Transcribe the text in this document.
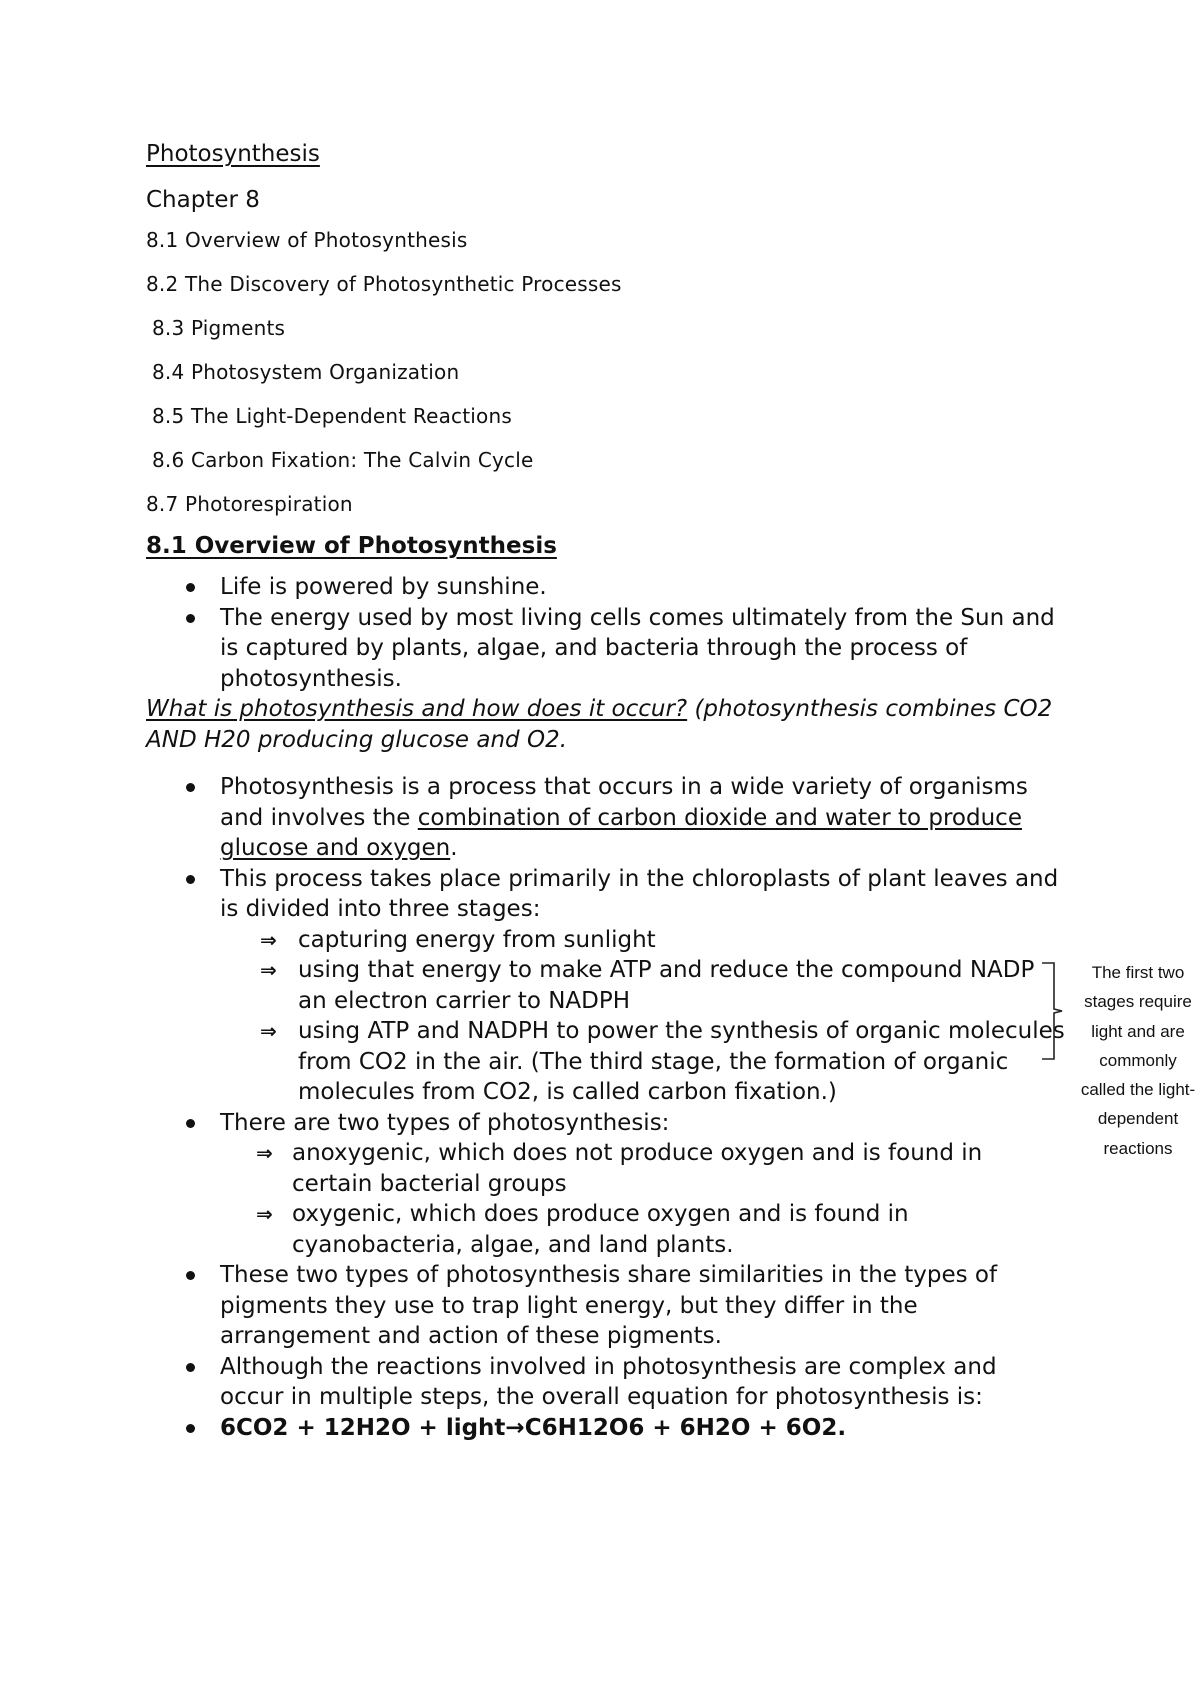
Photosynthesis
Chapter 8
8.1 Overview of Photosynthesis
8.2 The Discovery of Photosynthetic Processes
8.3 Pigments
8.4 Photosystem Organization
8.5 The Light-Dependent Reactions
8.6 Carbon Fixation: The Calvin Cycle
8.7 Photorespiration
8.1 Overview of Photosynthesis
Life is powered by sunshine.
The energy used by most living cells comes ultimately from the Sun and is captured by plants, algae, and bacteria through the process of photosynthesis.
What is photosynthesis and how does it occur? (photosynthesis combines CO2 AND H20 producing glucose and O2.
Photosynthesis is a process that occurs in a wide variety of organisms and involves the combination of carbon dioxide and water to produce glucose and oxygen.
This process takes place primarily in the chloroplasts of plant leaves and is divided into three stages:
⇒ capturing energy from sunlight
⇒ using that energy to make ATP and reduce the compound NADP an electron carrier to NADPH
⇒ using ATP and NADPH to power the synthesis of organic molecules from CO2 in the air. (The third stage, the formation of organic molecules from CO2, is called carbon fixation.)
There are two types of photosynthesis:
⇒ anoxygenic, which does not produce oxygen and is found in certain bacterial groups
⇒ oxygenic, which does produce oxygen and is found in cyanobacteria, algae, and land plants.
These two types of photosynthesis share similarities in the types of pigments they use to trap light energy, but they differ in the arrangement and action of these pigments.
Although the reactions involved in photosynthesis are complex and occur in multiple steps, the overall equation for photosynthesis is:
6CO2 + 12H2O + light→C6H12O6 + 6H2O + 6O2.
The first two stages require light and are commonly called the light-dependent reactions
